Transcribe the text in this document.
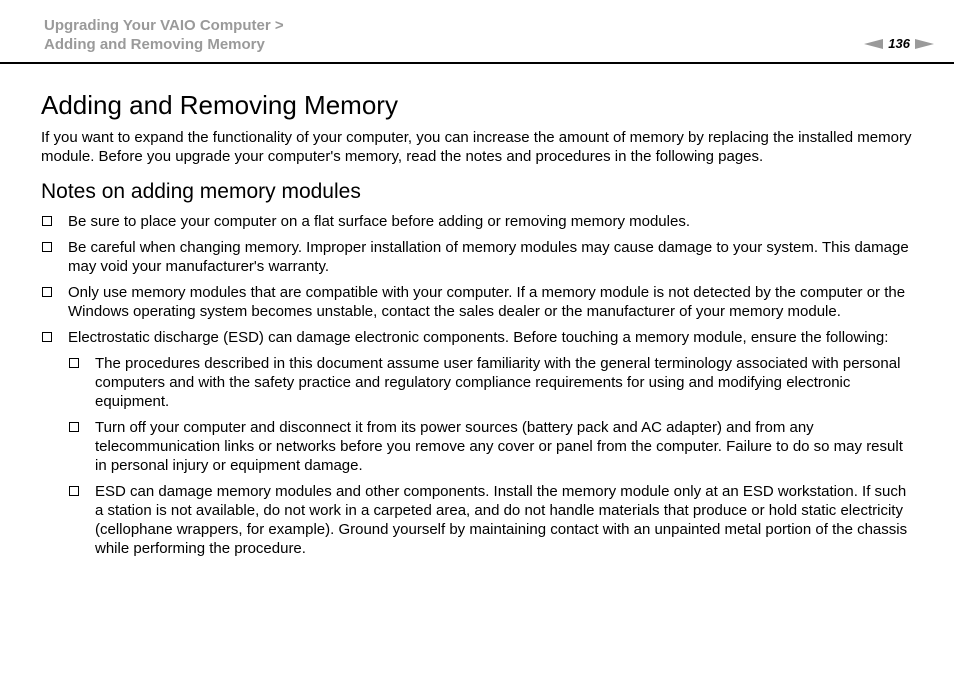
Upgrading Your VAIO Computer >
Adding and Removing Memory	136
Adding and Removing Memory

If you want to expand the functionality of your computer, you can increase the amount of memory by replacing the installed memory module. Before you upgrade your computer's memory, read the notes and procedures in the following pages.

Notes on adding memory modules
Be sure to place your computer on a flat surface before adding or removing memory modules.
Be careful when changing memory. Improper installation of memory modules may cause damage to your system. This damage may void your manufacturer's warranty.
Only use memory modules that are compatible with your computer. If a memory module is not detected by the computer or the Windows operating system becomes unstable, contact the sales dealer or the manufacturer of your memory module.
Electrostatic discharge (ESD) can damage electronic components. Before touching a memory module, ensure the following:
The procedures described in this document assume user familiarity with the general terminology associated with personal computers and with the safety practice and regulatory compliance requirements for using and modifying electronic equipment.
Turn off your computer and disconnect it from its power sources (battery pack and AC adapter) and from any telecommunication links or networks before you remove any cover or panel from the computer. Failure to do so may result in personal injury or equipment damage.
ESD can damage memory modules and other components. Install the memory module only at an ESD workstation. If such a station is not available, do not work in a carpeted area, and do not handle materials that produce or hold static electricity (cellophane wrappers, for example). Ground yourself by maintaining contact with an unpainted metal portion of the chassis while performing the procedure.
